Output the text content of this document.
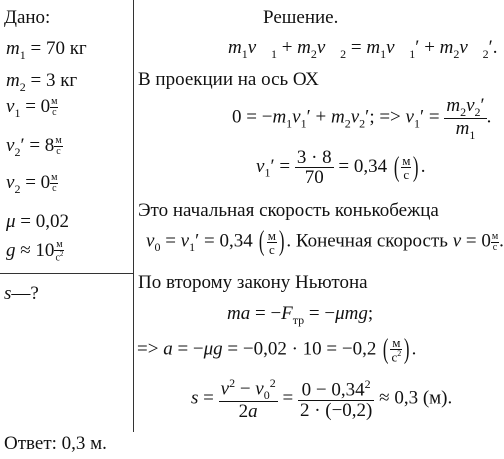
Дано:
$m_1 = 70$ кг
$m_2 = 3$ кг
$v_1 = 0 \frac{м}{с}$
$v_2' = 8 \frac{м}{с}$
$v_2 = 0 \frac{м}{с}$
μ = 0,02
$g \approx 10 \frac{м}{с^2}$
s—?
Решение.
$m_1v⃗_1$ + $m_2v⃗_2$ = $m_1v⃗_1'$ + $m_2v⃗_2'$.
В проекции на ось ОХ
$0 = -m_1v_1' + m_2v_2'$; => $v_1' = \frac{m_2v_2'}{m_1}$ .
$v_1' = \frac{3 \cdot 8}{70} = 0,34$ ( $\frac{м}{с}$ ).
Это начальная скорость конькобежца
$v_0 = v_1' = 0,34$ ( $\frac{м}{с}$ ). Конечная скорость $v = 0 \frac{м}{с}$ .
По второму закону Ньютона
ma = $-F_{тр} = -\mu mg$;
=> a = −μg = −0,02 · 10 = −0,2 ( $\frac{м}{с^2}$ ).
$s = \frac{v^2 - v_0^2}{2a} = \frac{0 - 0,34^2}{2 \cdot (-0,2)} \approx 0,3$ (м).
Ответ: 0,3 м.
